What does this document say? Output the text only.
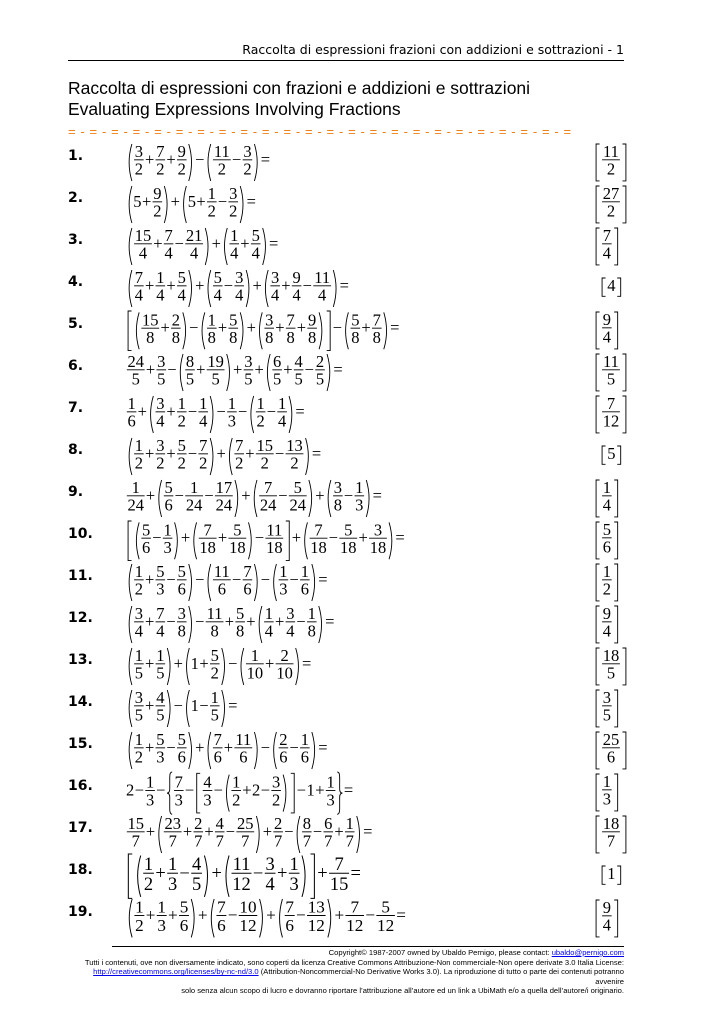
Raccolta di espressioni frazioni con addizioni e sottrazioni - 1
Raccolta di espressioni con frazioni e addizioni e sottrazioni
Evaluating Expressions Involving Fractions
= - = - = - = - = - = - = - = - = - = - = - = - = - = - = - = - = - = - = - = - = - = - = - =
1.	3
2
+ 7
2
+ 9
2
− 11
2
− 3
2
=	11
2
2.	5 + 9
2
+ 5 + 1
2
− 3
2
=	27
2
3.	15
4
+ 7
4
− 21
4
+ 1
4
+ 5
4
=	7
4
4.	7
4
+ 1
4
+ 5
4
+ 5
4
− 3
4
+ 3
4
+ 9
4
− 11
4
=	4
5.	15
8
+ 2
8
− 1
8
+ 5
8
+ 3
8
+ 7
8
+ 9
8
− 5
8
+ 7
8
=	9
4
6.	24
5
+ 3
5
− 8
5
+ 19
5
+ 3
5
+ 6
5
+ 4
5
− 2
5
=	11
5
7.	1
6
+ 3
4
+ 1
2
− 1
4
− 1
3
− 1
2
− 1
4
=	7
12
8.	1
2
+ 3
2
+ 5
2
− 7
2
+ 7
2
+ 15
2
− 13
2
=	5
9.	1
24
+ 5
6
− 1
24
− 17
24
+ 7
24
− 5
24
+ 3
8
− 1
3
=	1
4
10.	5
6
− 1
3
+ 7
18
+ 5
18
− 11
18
+ 7
18
− 5
18
+ 3
18
=	5
6
11.	1
2
+ 5
3
− 5
6
− 11
6
− 7
6
− 1
3
− 1
6
=	1
2
12.	3
4
+ 7
4
− 3
8
− 11
8
+ 5
8
+ 1
4
+ 3
4
− 1
8
=	9
4
13.	1
5
+ 1
5
+ 1 + 5
2
− 1
10
+ 2
10
=	18
5
14.	3
5
+ 4
5
− 1 − 1
5
=	3
5
15.	1
2
+ 5
3
− 5
6
+ 7
6
+ 11
6
− 2
6
− 1
6
=	25
6
16. 2 − 1
3
− 7
3
− 4
3
− 1
2
+ 2 − 3
2
− 1 + 1
3
=	1
3
17. 15
7
+ 23
7
+ 2
7
+ 4
7
− 25
7
+ 2
7
− 8
7
− 6
7
+ 1
7
=	18
7
18.	1
2
+ 1
3
− 4
5
+ 11
12
− 3
4
+ 1
3
+ 7
15
=	1
19. 1
2
+ 1
3
+ 5
6
+ 7
6
− 10
12
+ 7
6
− 13
12
+ 7
12
− 5
12
=	9
4
Copyright© 1987-2007 owned by Ubaldo Pernigo, please contact: ubaldo@pernigo.com
Tutti i contenuti, ove non diversamente indicato, sono coperti da licenza Creative Commons Attribuzione-Non commerciale-Non opere derivate 3.0 Italia License:
http://creativecommons.org/licenses/by-nc-nd/3.0 (Attribution-Noncommercial-No Derivative Works 3.0). La riproduzione di tutto o parte dei contenuti potranno avvenire
solo senza alcun scopo di lucro e dovranno riportare l’attribuzione all’autore ed un link a UbiMath e/o a quella dell’autore/i originario.
